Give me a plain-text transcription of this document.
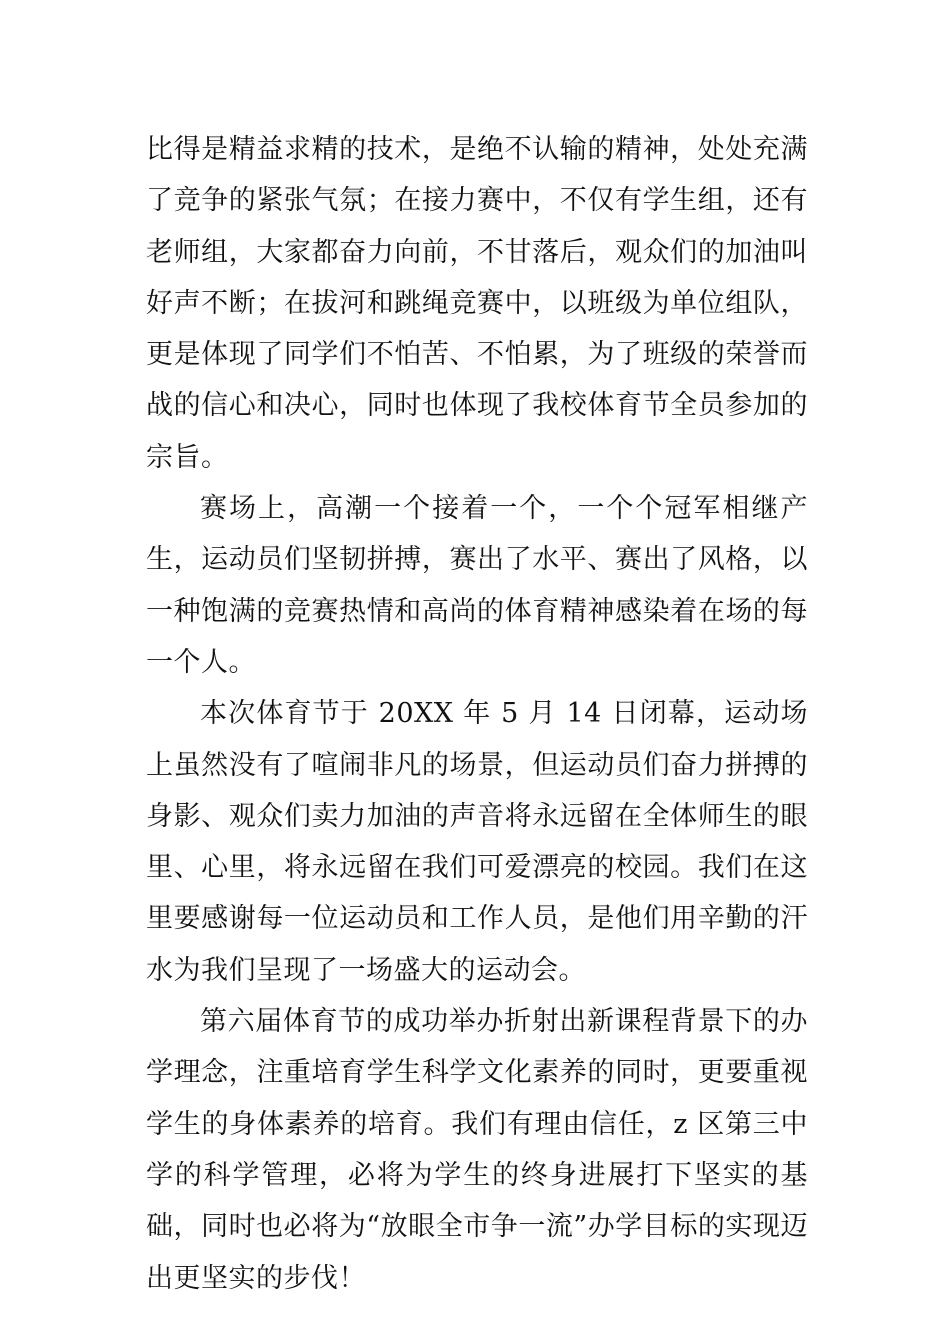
比得是精益求精的技术，是绝不认输的精神，处处充满了竞争的紧张气氛；在接力赛中，不仅有学生组，还有老师组，大家都奋力向前，不甘落后，观众们的加油叫好声不断；在拔河和跳绳竞赛中，以班级为单位组队，更是体现了同学们不怕苦、不怕累，为了班级的荣誉而战的信心和决心，同时也体现了我校体育节全员参加的宗旨。

赛场上，高潮一个接着一个，一个个冠军相继产生，运动员们坚韧拼搏，赛出了水平、赛出了风格，以一种饱满的竞赛热情和高尚的体育精神感染着在场的每一个人。

本次体育节于 20XX 年 5 月 14 日闭幕，运动场上虽然没有了喧闹非凡的场景，但运动员们奋力拼搏的身影、观众们卖力加油的声音将永远留在全体师生的眼里、心里，将永远留在我们可爱漂亮的校园。我们在这里要感谢每一位运动员和工作人员，是他们用辛勤的汗水为我们呈现了一场盛大的运动会。

第六届体育节的成功举办折射出新课程背景下的办学理念，注重培育学生科学文化素养的同时，更要重视学生的身体素养的培育。我们有理由信任，z 区第三中学的科学管理，必将为学生的终身进展打下坚实的基础，同时也必将为“放眼全市争一流”办学目标的实现迈出更坚实的步伐！
